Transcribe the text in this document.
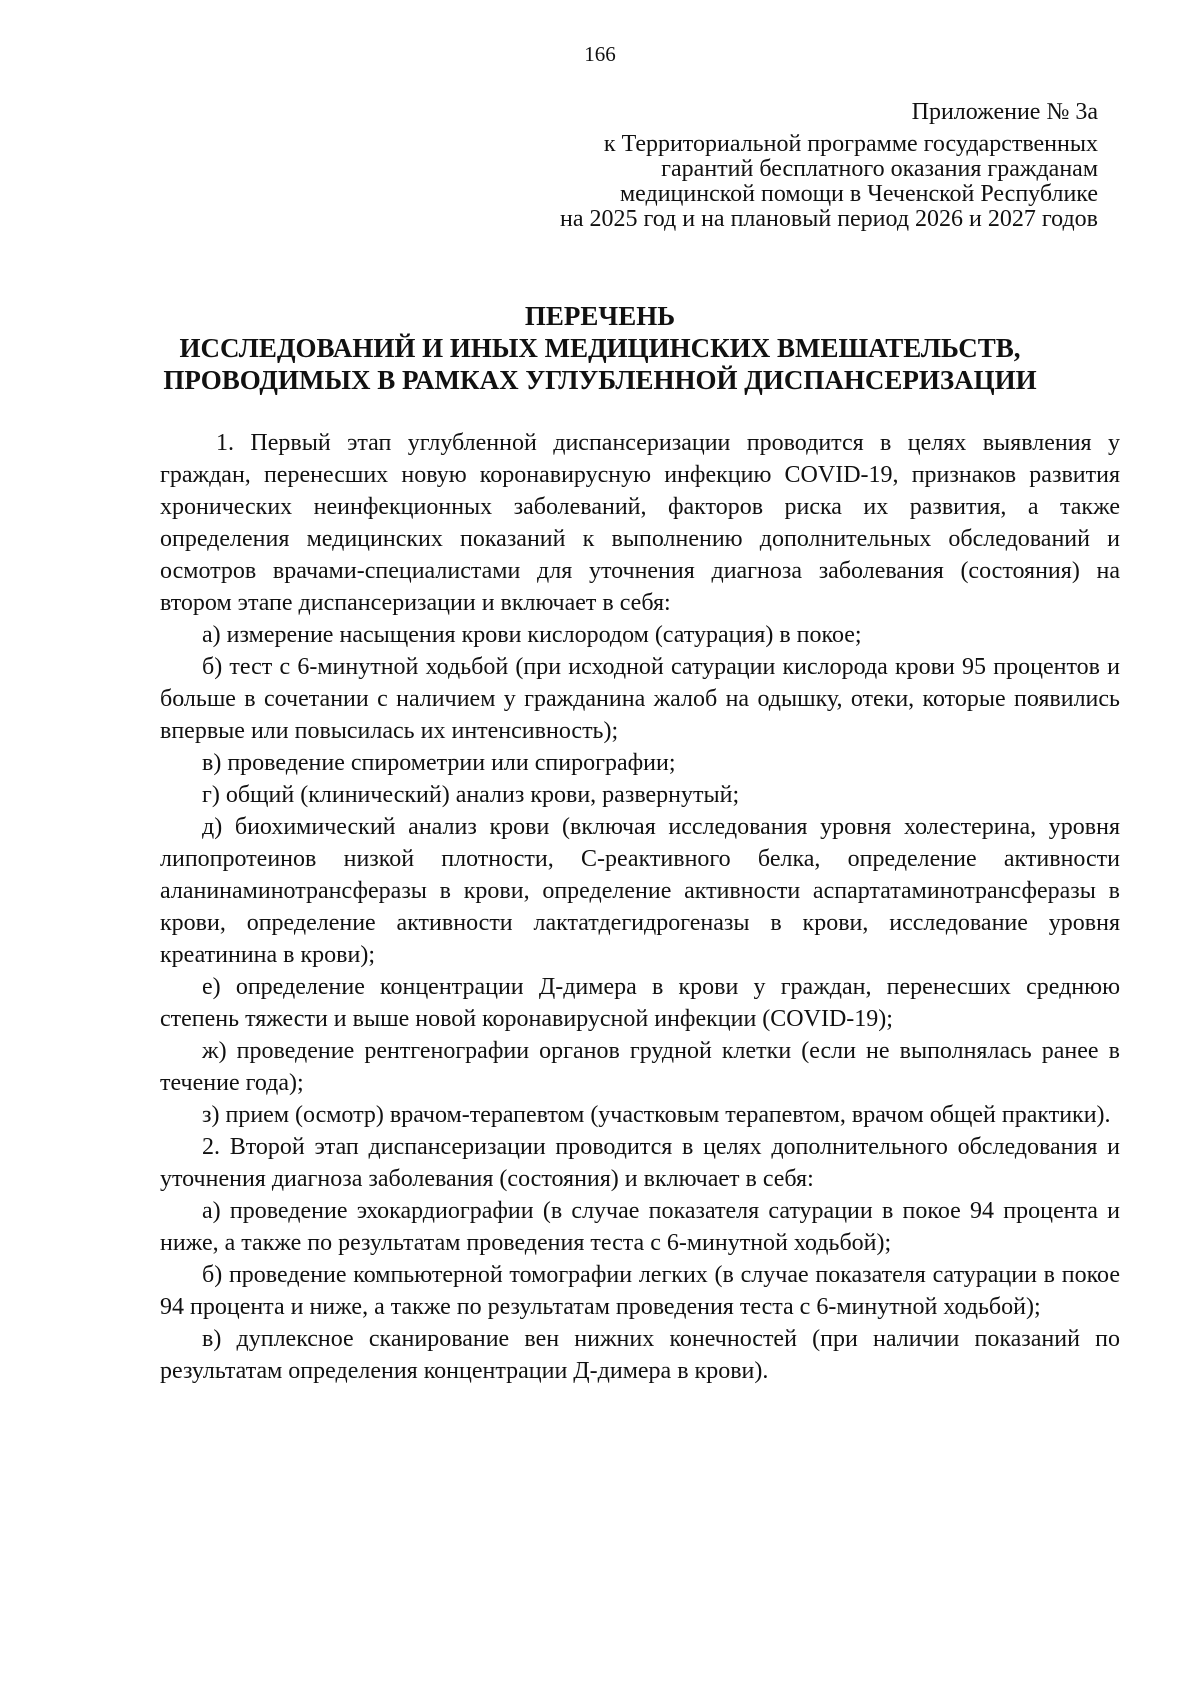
166
Приложение № 3а
к Территориальной программе государственных
гарантий бесплатного оказания гражданам
медицинской помощи в Чеченской Республике
на 2025 год и на плановый период 2026 и 2027 годов
ПЕРЕЧЕНЬ
ИССЛЕДОВАНИЙ И ИНЫХ МЕДИЦИНСКИХ ВМЕШАТЕЛЬСТВ,
ПРОВОДИМЫХ В РАМКАХ УГЛУБЛЕННОЙ ДИСПАНСЕРИЗАЦИИ

1. Первый этап углубленной диспансеризации проводится в целях выявления у граждан, перенесших новую коронавирусную инфекцию COVID-19, признаков развития хронических неинфекционных заболеваний, факторов риска их развития, а также определения медицинских показаний к выполнению дополнительных обследований и осмотров врачами-специалистами для уточнения диагноза заболевания (состояния) на втором этапе диспансеризации и включает в себя:

а) измерение насыщения крови кислородом (сатурация) в покое;

б) тест с 6-минутной ходьбой (при исходной сатурации кислорода крови 95 процентов и больше в сочетании с наличием у гражданина жалоб на одышку, отеки, которые появились впервые или повысилась их интенсивность);

в) проведение спирометрии или спирографии;

г) общий (клинический) анализ крови, развернутый;

д) биохимический анализ крови (включая исследования уровня холестерина, уровня липопротеинов низкой плотности, С-реактивного белка, определение активности аланинаминотрансферазы в крови, определение активности аспартатаминотрансферазы в крови, определение активности лактатдегидрогеназы в крови, исследование уровня креатинина в крови);

е) определение концентрации Д-димера в крови у граждан, перенесших среднюю степень тяжести и выше новой коронавирусной инфекции (COVID-19);

ж) проведение рентгенографии органов грудной клетки (если не выполнялась ранее в течение года);

з) прием (осмотр) врачом-терапевтом (участковым терапевтом, врачом общей практики).

2. Второй этап диспансеризации проводится в целях дополнительного обследования и уточнения диагноза заболевания (состояния) и включает в себя:

а) проведение эхокардиографии (в случае показателя сатурации в покое 94 процента и ниже, а также по результатам проведения теста с 6-минутной ходьбой);

б) проведение компьютерной томографии легких (в случае показателя сатурации в покое 94 процента и ниже, а также по результатам проведения теста с 6-минутной ходьбой);

в) дуплексное сканирование вен нижних конечностей (при наличии показаний по результатам определения концентрации Д-димера в крови).
